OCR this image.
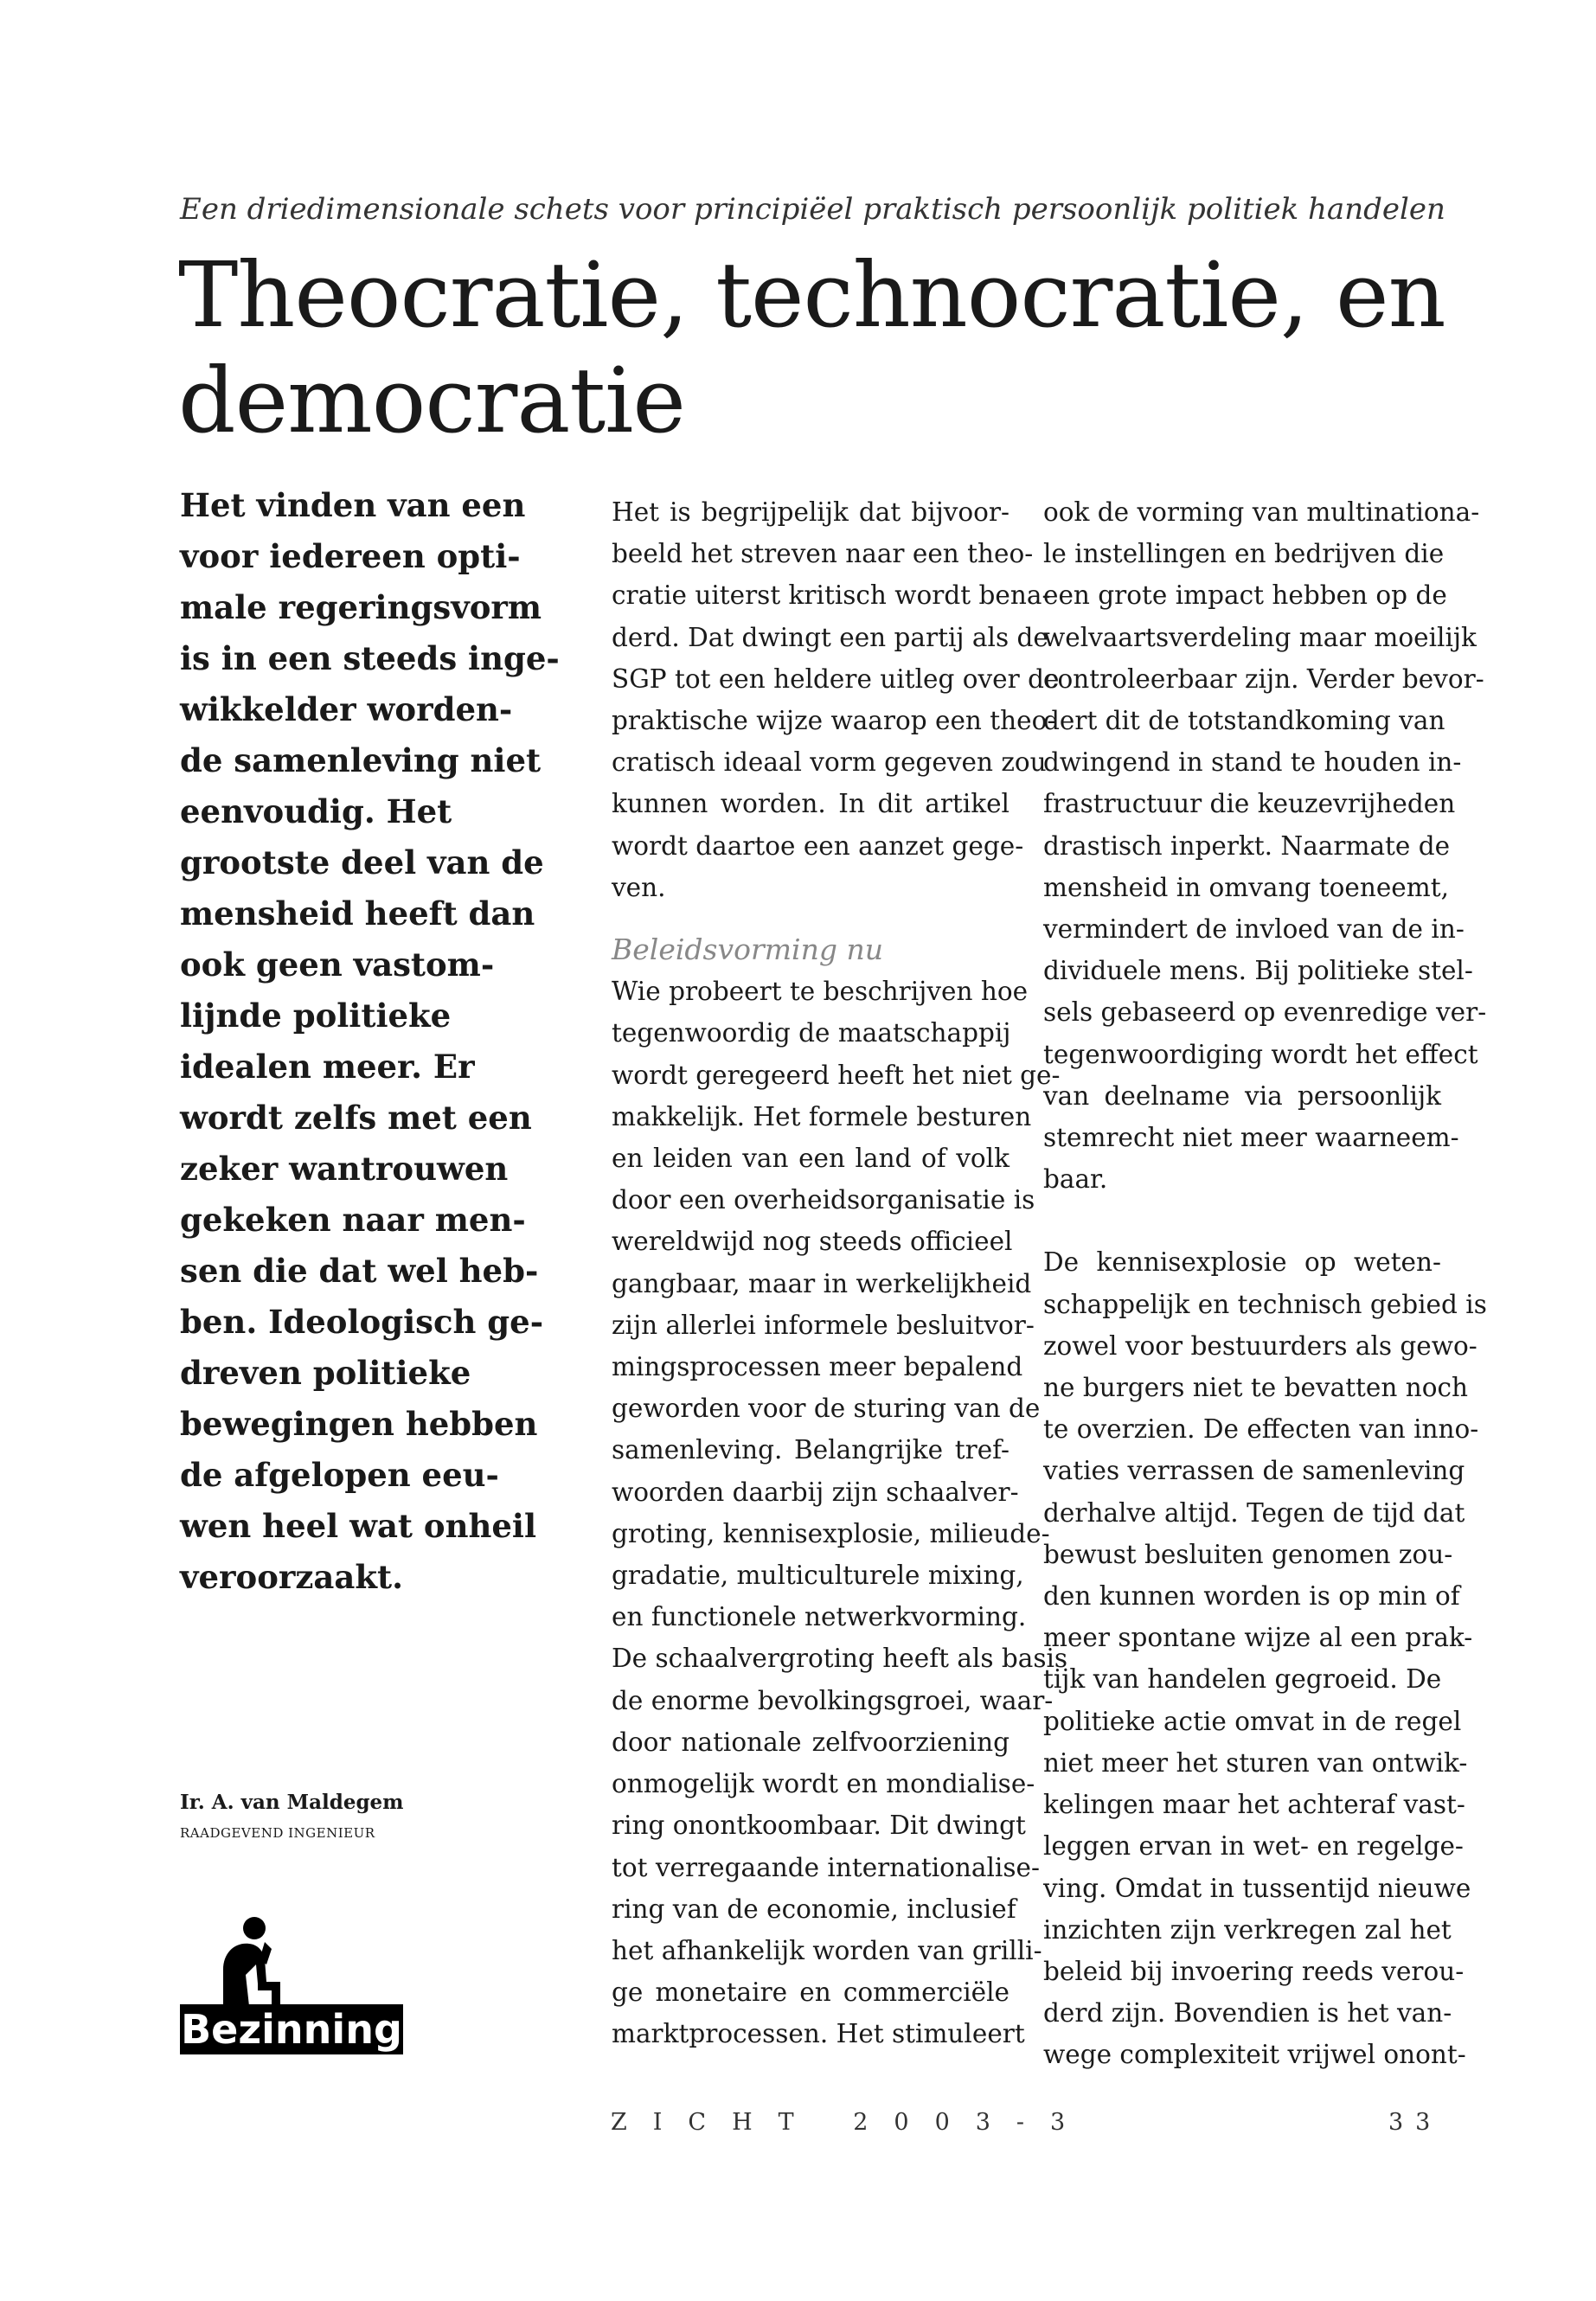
Een driedimensionale schets voor principiëel praktisch persoonlijk politiek handelen
Theocratie, technocratie, en
democratie
Het vinden van een
voor iedereen opti-
male regeringsvorm
is in een steeds inge-
wikkelder worden-
de samenleving niet
eenvoudig. Het
grootste deel van de
mensheid heeft dan
ook geen vastom-
lijnde politieke
idealen meer. Er
wordt zelfs met een
zeker wantrouwen
gekeken naar men-
sen die dat wel heb-
ben. Ideologisch ge-
dreven politieke
bewegingen hebben
de afgelopen eeu-
wen heel wat onheil
veroorzaakt.
Ir. A. van Maldegem
RAADGEVEND INGENIEUR
Bezinning
Het is begrijpelijk dat bijvoor-
beeld het streven naar een theo-
cratie uiterst kritisch wordt bena-
derd. Dat dwingt een partij als de
SGP tot een heldere uitleg over de
praktische wijze waarop een theo-
cratisch ideaal vorm gegeven zou
kunnen worden. In dit artikel
wordt daartoe een aanzet gege-
ven.
Beleidsvorming nu
Wie probeert te beschrijven hoe
tegenwoordig de maatschappij
wordt geregeerd heeft het niet ge-
makkelijk. Het formele besturen
en leiden van een land of volk
door een overheidsorganisatie is
wereldwijd nog steeds officieel
gangbaar, maar in werkelijkheid
zijn allerlei informele besluitvor-
mingsprocessen meer bepalend
geworden voor de sturing van de
samenleving. Belangrijke tref-
woorden daarbij zijn schaalver-
groting, kennisexplosie, milieude-
gradatie, multiculturele mixing,
en functionele netwerkvorming.
De schaalvergroting heeft als basis
de enorme bevolkingsgroei, waar-
door nationale zelfvoorziening
onmogelijk wordt en mondialise-
ring onontkoombaar. Dit dwingt
tot verregaande internationalise-
ring van de economie, inclusief
het afhankelijk worden van grilli-
ge monetaire en commerciële
marktprocessen. Het stimuleert
ook de vorming van multinationa-
le instellingen en bedrijven die
een grote impact hebben op de
welvaartsverdeling maar moeilijk
controleerbaar zijn. Verder bevor-
dert dit de totstandkoming van
dwingend in stand te houden in-
frastructuur die keuzevrijheden
drastisch inperkt. Naarmate de
mensheid in omvang toeneemt,
vermindert de invloed van de in-
dividuele mens. Bij politieke stel-
sels gebaseerd op evenredige ver-
tegenwoordiging wordt het effect
van deelname via persoonlijk
stemrecht niet meer waarneem-
baar.
De kennisexplosie op weten-
schappelijk en technisch gebied is
zowel voor bestuurders als gewo-
ne burgers niet te bevatten noch
te overzien. De effecten van inno-
vaties verrassen de samenleving
derhalve altijd. Tegen de tijd dat
bewust besluiten genomen zou-
den kunnen worden is op min of
meer spontane wijze al een prak-
tijk van handelen gegroeid. De
politieke actie omvat in de regel
niet meer het sturen van ontwik-
kelingen maar het achteraf vast-
leggen ervan in wet- en regelge-
ving. Omdat in tussentijd nieuwe
inzichten zijn verkregen zal het
beleid bij invoering reeds verou-
derd zijn. Bovendien is het van-
wege complexiteit vrijwel onont-
ZICHT 2003-3	33
